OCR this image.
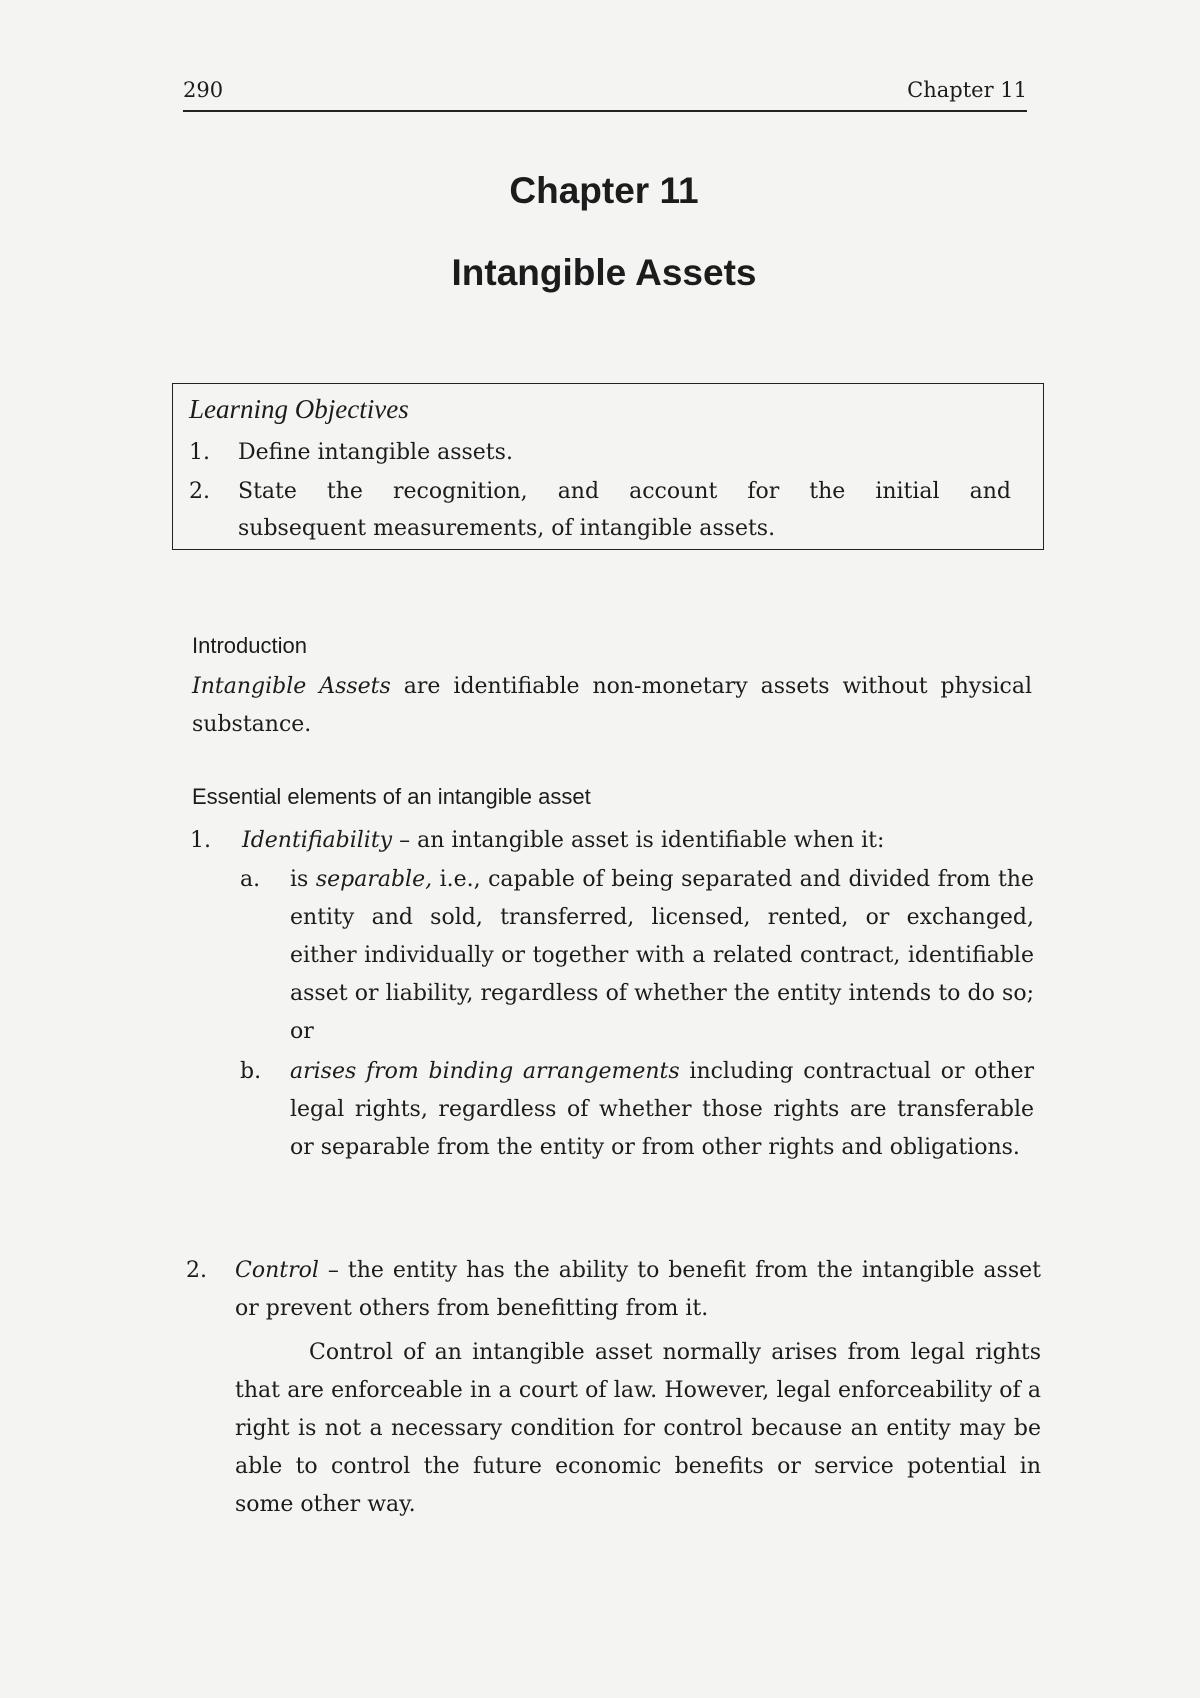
290	Chapter 11
Chapter 11
Intangible Assets
Learning Objectives
1. Define intangible assets.
2. State the recognition, and account for the initial and
subsequent measurements, of intangible assets.
Introduction
Intangible Assets are identifiable non-monetary assets without physical substance.
Essential elements of an intangible asset
1. Identifiability – an intangible asset is identifiable when it:
a. is separable, i.e., capable of being separated and divided from the entity and sold, transferred, licensed, rented, or exchanged, either individually or together with a related contract, identifiable asset or liability, regardless of whether the entity intends to do so; or
b. arises from binding arrangements including contractual or other legal rights, regardless of whether those rights are transferable or separable from the entity or from other rights and obligations.
2. Control – the entity has the ability to benefit from the intangible asset or prevent others from benefitting from it.
Control of an intangible asset normally arises from legal rights that are enforceable in a court of law. However, legal enforceability of a right is not a necessary condition for control because an entity may be able to control the future economic benefits or service potential in some other way.
